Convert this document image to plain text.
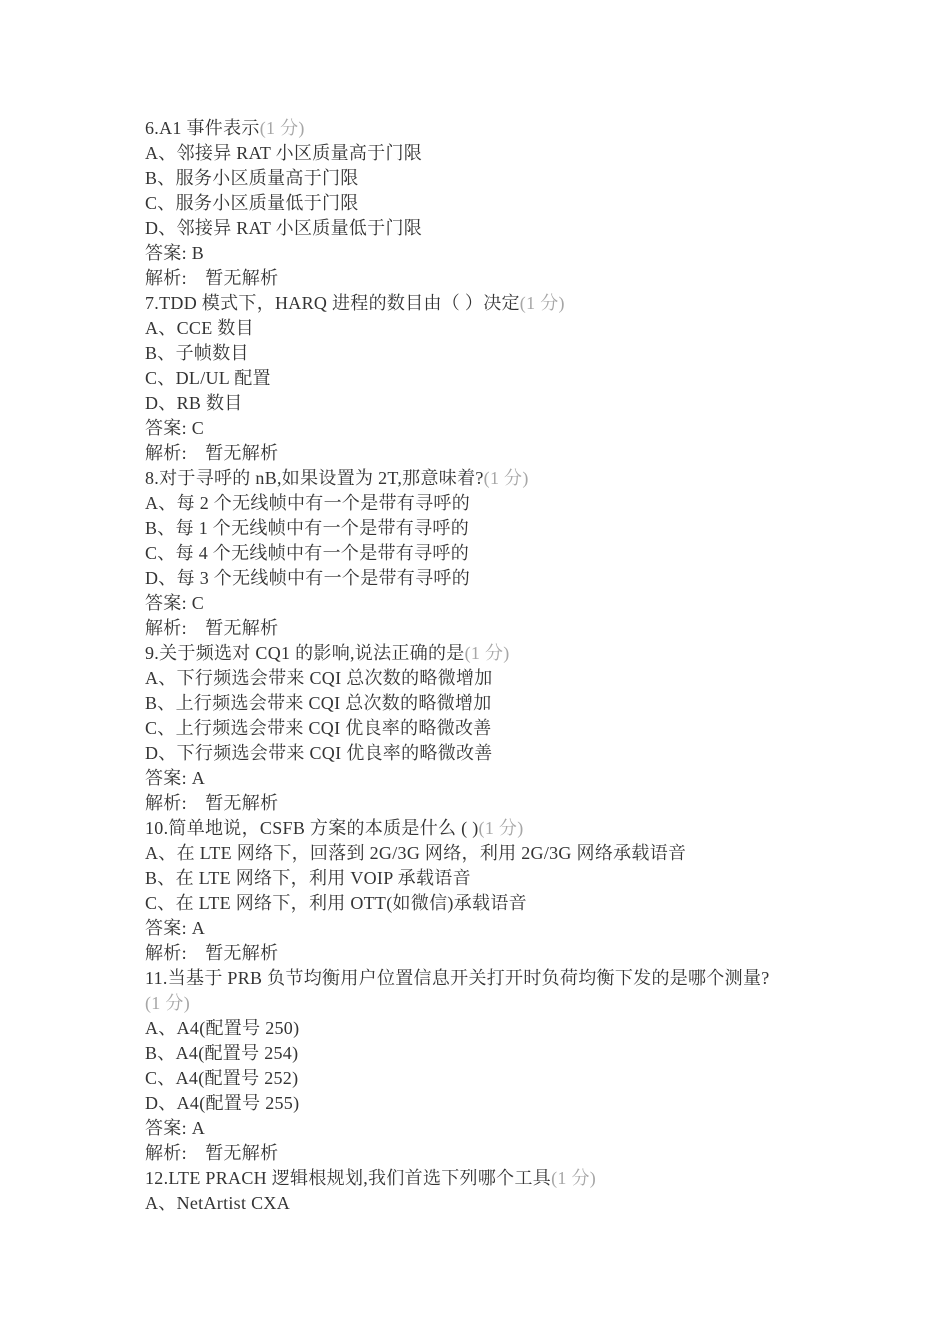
6.A1 事件表示(1 分)
A、邻接异 RAT 小区质量高于门限
B、服务小区质量高于门限
C、服务小区质量低于门限
D、邻接异 RAT 小区质量低于门限
答案: B
解析:　暂无解析
7.TDD 模式下，HARQ 进程的数目由（ ）决定(1 分)
A、CCE 数目
B、子帧数目
C、DL/UL 配置
D、RB 数目
答案: C
解析:　暂无解析
8.对于寻呼的 nB,如果设置为 2T,那意味着?(1 分)
A、每 2 个无线帧中有一个是带有寻呼的
B、每 1 个无线帧中有一个是带有寻呼的
C、每 4 个无线帧中有一个是带有寻呼的
D、每 3 个无线帧中有一个是带有寻呼的
答案: C
解析:　暂无解析
9.关于频选对 CQ1 的影响,说法正确的是(1 分)
A、下行频选会带来 CQI 总次数的略微增加
B、上行频选会带来 CQI 总次数的略微增加
C、上行频选会带来 CQI 优良率的略微改善
D、下行频选会带来 CQI 优良率的略微改善
答案: A
解析:　暂无解析
10.简单地说，CSFB 方案的本质是什么 ( )(1 分)
A、在 LTE 网络下，回落到 2G/3G 网络，利用 2G/3G 网络承载语音
B、在 LTE 网络下，利用 VOIP 承载语音
C、在 LTE 网络下，利用 OTT(如微信)承载语音
答案: A
解析:　暂无解析
11.当基于 PRB 负节均衡用户位置信息开关打开时负荷均衡下发的是哪个测量?
(1 分)
A、A4(配置号 250)
B、A4(配置号 254)
C、A4(配置号 252)
D、A4(配置号 255)
答案: A
解析:　暂无解析
12.LTE PRACH 逻辑根规划,我们首选下列哪个工具(1 分)
A、NetArtist CXA
